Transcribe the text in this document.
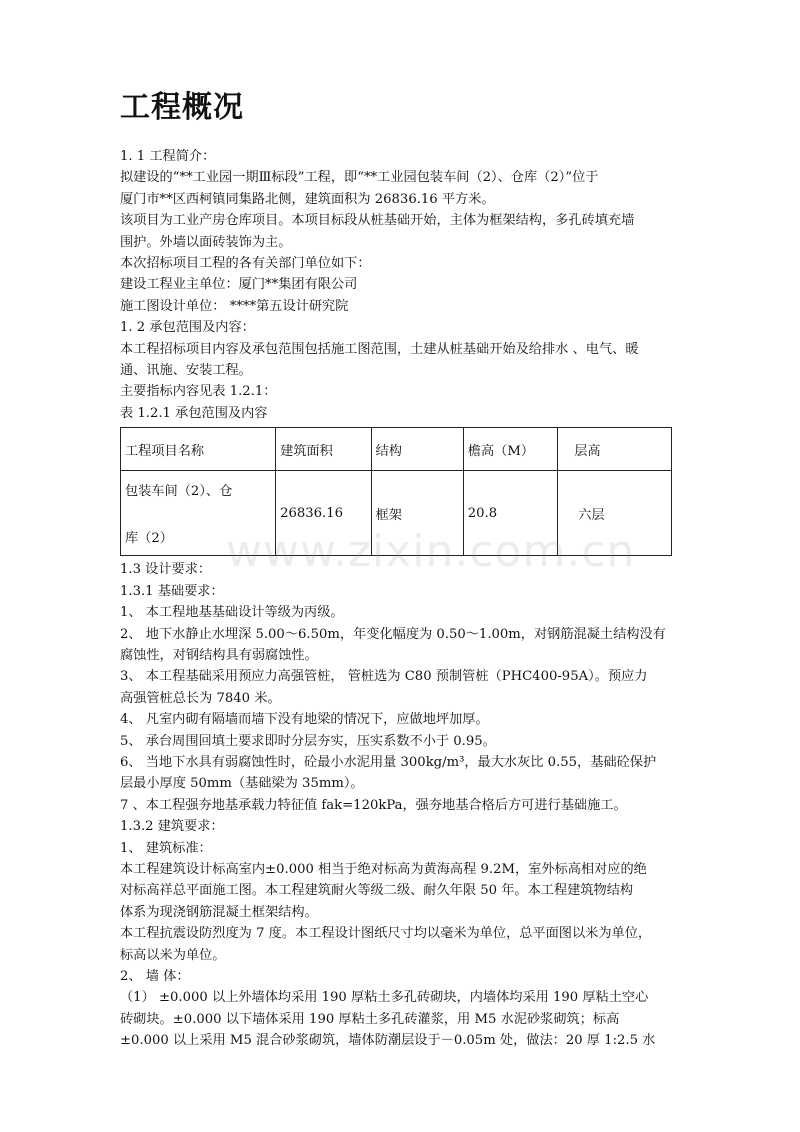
工程概况
1. 1 工程简介：
拟建设的“**工业园一期Ⅲ标段”工程，即“**工业园包装车间（2）、仓库（2）”位于
厦门市**区西柯镇同集路北侧，建筑面积为 26836.16 平方米。
该项目为工业产房仓库项目。本项目标段从桩基础开始，主体为框架结构，多孔砖填充墙
围护。外墙以面砖装饰为主。
本次招标项目工程的各有关部门单位如下：
建设工程业主单位：厦门**集团有限公司
施工图设计单位： ****第五设计研究院
1. 2 承包范围及内容：
本工程招标项目内容及承包范围包括施工图范围，土建从桩基础开始及给排水 、电气、暖
通、讯施、安装工程。
主要指标内容见表 1.2.1：
表 1.2.1 承包范围及内容
工程项目名称	建筑面积	结构	檐高（M）	层高

包装车间（2）、仓
库（2）	26836.16	框架	20.8	六层
1.3 设计要求：
1.3.1 基础要求：
1、 本工程地基基础设计等级为丙级。
2、 地下水静止水埋深 5.00～6.50m，年变化幅度为 0.50～1.00m，对钢筋混凝土结构没有
腐蚀性，对钢结构具有弱腐蚀性。
3、 本工程基础采用预应力高强管桩， 管桩选为 C80 预制管桩（PHC400-95A）。预应力
高强管桩总长为 7840 米。
4、 凡室内砌有隔墙而墙下没有地梁的情况下，应做地坪加厚。
5、 承台周围回填土要求即时分层夯实，压实系数不小于 0.95。
6、 当地下水具有弱腐蚀性时，砼最小水泥用量 300kg/m³，最大水灰比 0.55，基础砼保护
层最小厚度 50mm（基础梁为 35mm）。
7 、本工程强夯地基承载力特征值 fak=120kPa，强夯地基合格后方可进行基础施工。
1.3.2 建筑要求：
1、 建筑标准：
本工程建筑设计标高室内±0.000 相当于绝对标高为黄海高程 9.2M，室外标高相对应的绝
对标高祥总平面施工图。本工程建筑耐火等级二级、耐久年限 50 年。本工程建筑物结构
体系为现浇钢筋混凝土框架结构。
本工程抗震设防烈度为 7 度。本工程设计图纸尺寸均以毫米为单位，总平面图以米为单位，
标高以米为单位。
2、 墙 体：
（1） ±0.000 以上外墙体均采用 190 厚粘土多孔砖砌块，内墙体均采用 190 厚粘土空心
砖砌块。±0.000 以下墙体采用 190 厚粘土多孔砖灌浆，用 M5 水泥砂浆砌筑；标高
±0.000 以上采用 M5 混合砂浆砌筑，墙体防潮层设于－0.05m 处，做法：20 厚 1:2.5 水
www.zixin.com.cn
